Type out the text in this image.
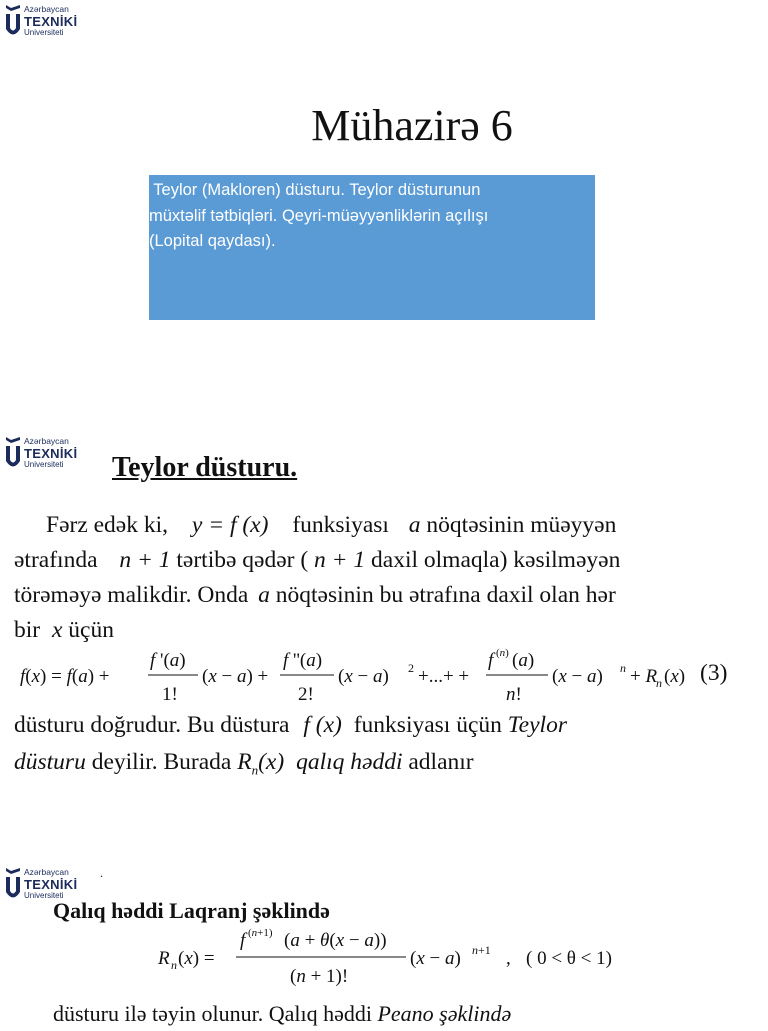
Azərbaycan
TEXNİKİ
Universiteti
Mühazirə 6

Teylor (Makloren) düsturu. Teylor düsturunun
müxtəlif tətbiqləri. Qeyri-müəyyənliklərin açılışı
(Lopital qaydası).

Azərbaycan
TEXNİKİ
Universiteti	Teylor düsturu.
Fərz edək ki, y = f (x) funksiyası a nöqtəsinin müəyyən
ətrafında n + 1 tərtibə qədər ( n + 1 daxil olmaqla) kəsilməyən
törəməyə malikdir. Onda a nöqtəsinin bu ətrafına daxil olan hər
bir x üçün
f(x) = f(a) +
f '(a)
1!
(x − a) +
f ''(a)
2!
(x − a) 2 +...+ +
f (n) (a)
n!
(x − a) n + R
n (x) (3)
düsturu doğrudur. Bu düstura f (x) funksiyası üçün Teylor
düsturu deyilir. Burada $R_n(x)$ qalıq həddi adlanır
Azərbaycan
TEXNİKİ
Universiteti
.
Qalıq həddi Laqranj şəklində
R n (x) =
f (n+1) (a + θ(x − a))
(n + 1)!
(x − a) n+1 , ( 0 < θ < 1)
düsturu ilə təyin olunur. Qalıq həddi Peano şəklində
